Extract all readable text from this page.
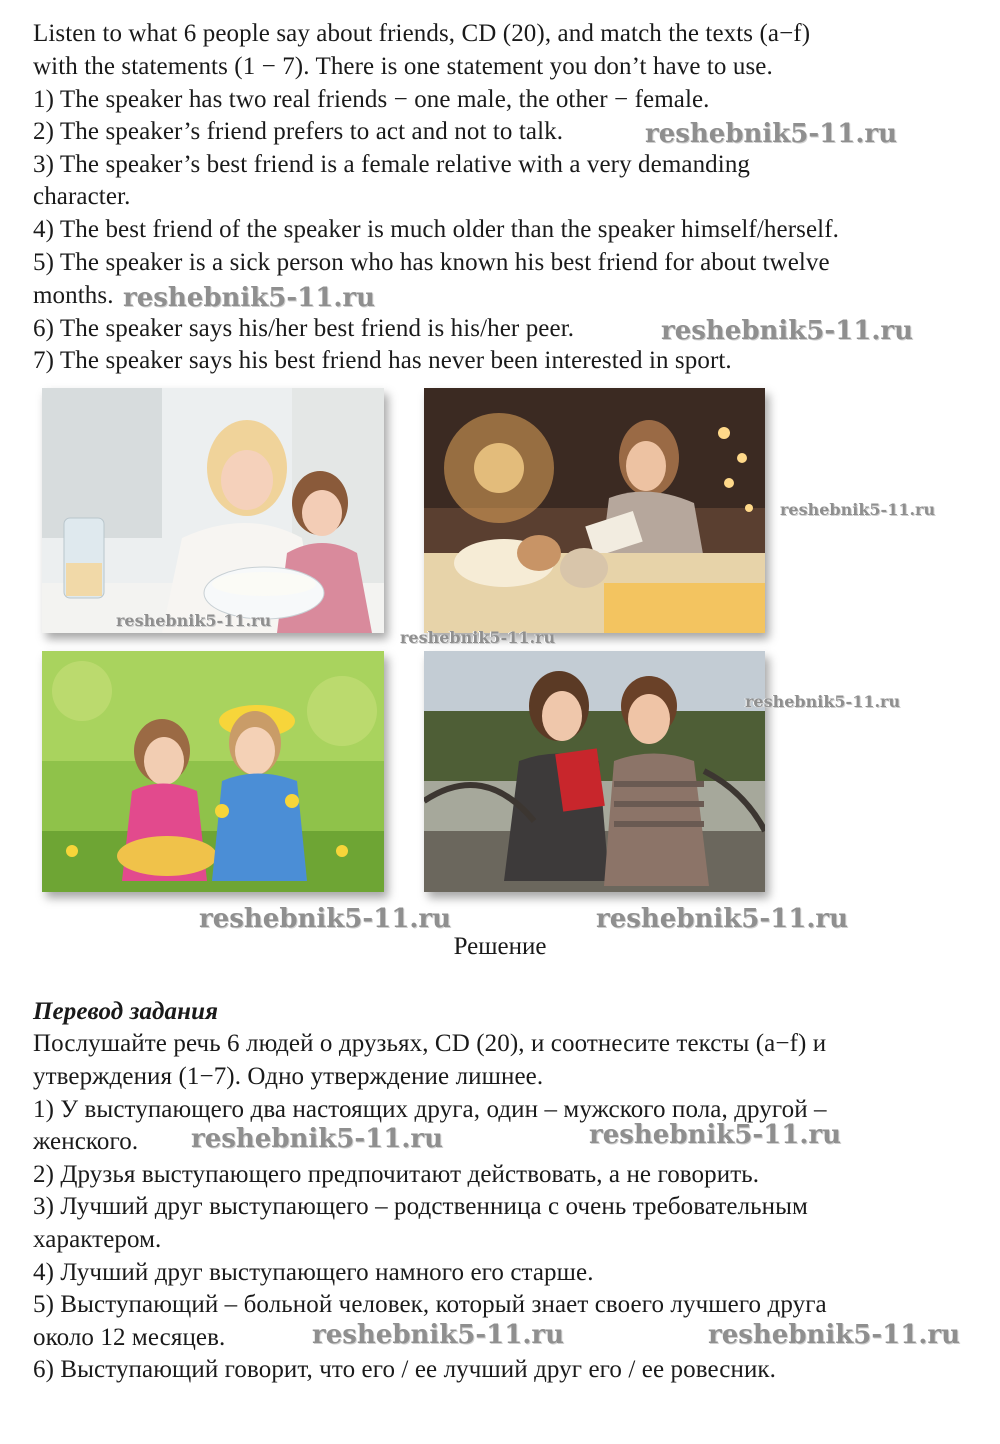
Listen to what 6 people say about friends, CD (20), and match the texts (a−f)
with the statements (1 − 7). There is one statement you don’t have to use.
1) The speaker has two real friends − one male, the other − female.
2) The speaker’s friend prefers to act and not to talk.
3) The speaker’s best friend is a female relative with a very demanding
character.
4) The best friend of the speaker is much older than the speaker himself/herself.
5) The speaker is a sick person who has known his best friend for about twelve
months.
6) The speaker says his/her best friend is his/her peer.
7) The speaker says his best friend has never been interested in sport.
reshebnik5-11.ru
reshebnik5-11.ru
reshebnik5-11.ru
reshebnik5-11.ru
reshebnik5-11.ru
reshebnik5-11.ru
reshebnik5-11.ru
reshebnik5-11.ru	reshebnik5-11.ru
Решение
Перевод задания
Послушайте речь 6 людей о друзьях, CD (20), и соотнесите тексты (a−f) и
утверждения (1−7). Одно утверждение лишнее.
1) У выступающего два настоящих друга, один – мужского пола, другой –
женского.
2) Друзья выступающего предпочитают действовать, а не говорить.
3) Лучший друг выступающего – родственница с очень требовательным
характером.
4) Лучший друг выступающего намного его старше.
5) Выступающий – больной человек, который знает своего лучшего друга
около 12 месяцев.
6) Выступающий говорит, что его / ее лучший друг его / ее ровесник.
reshebnik5-11.ru	reshebnik5-11.ru
reshebnik5-11.ru	reshebnik5-11.ru
